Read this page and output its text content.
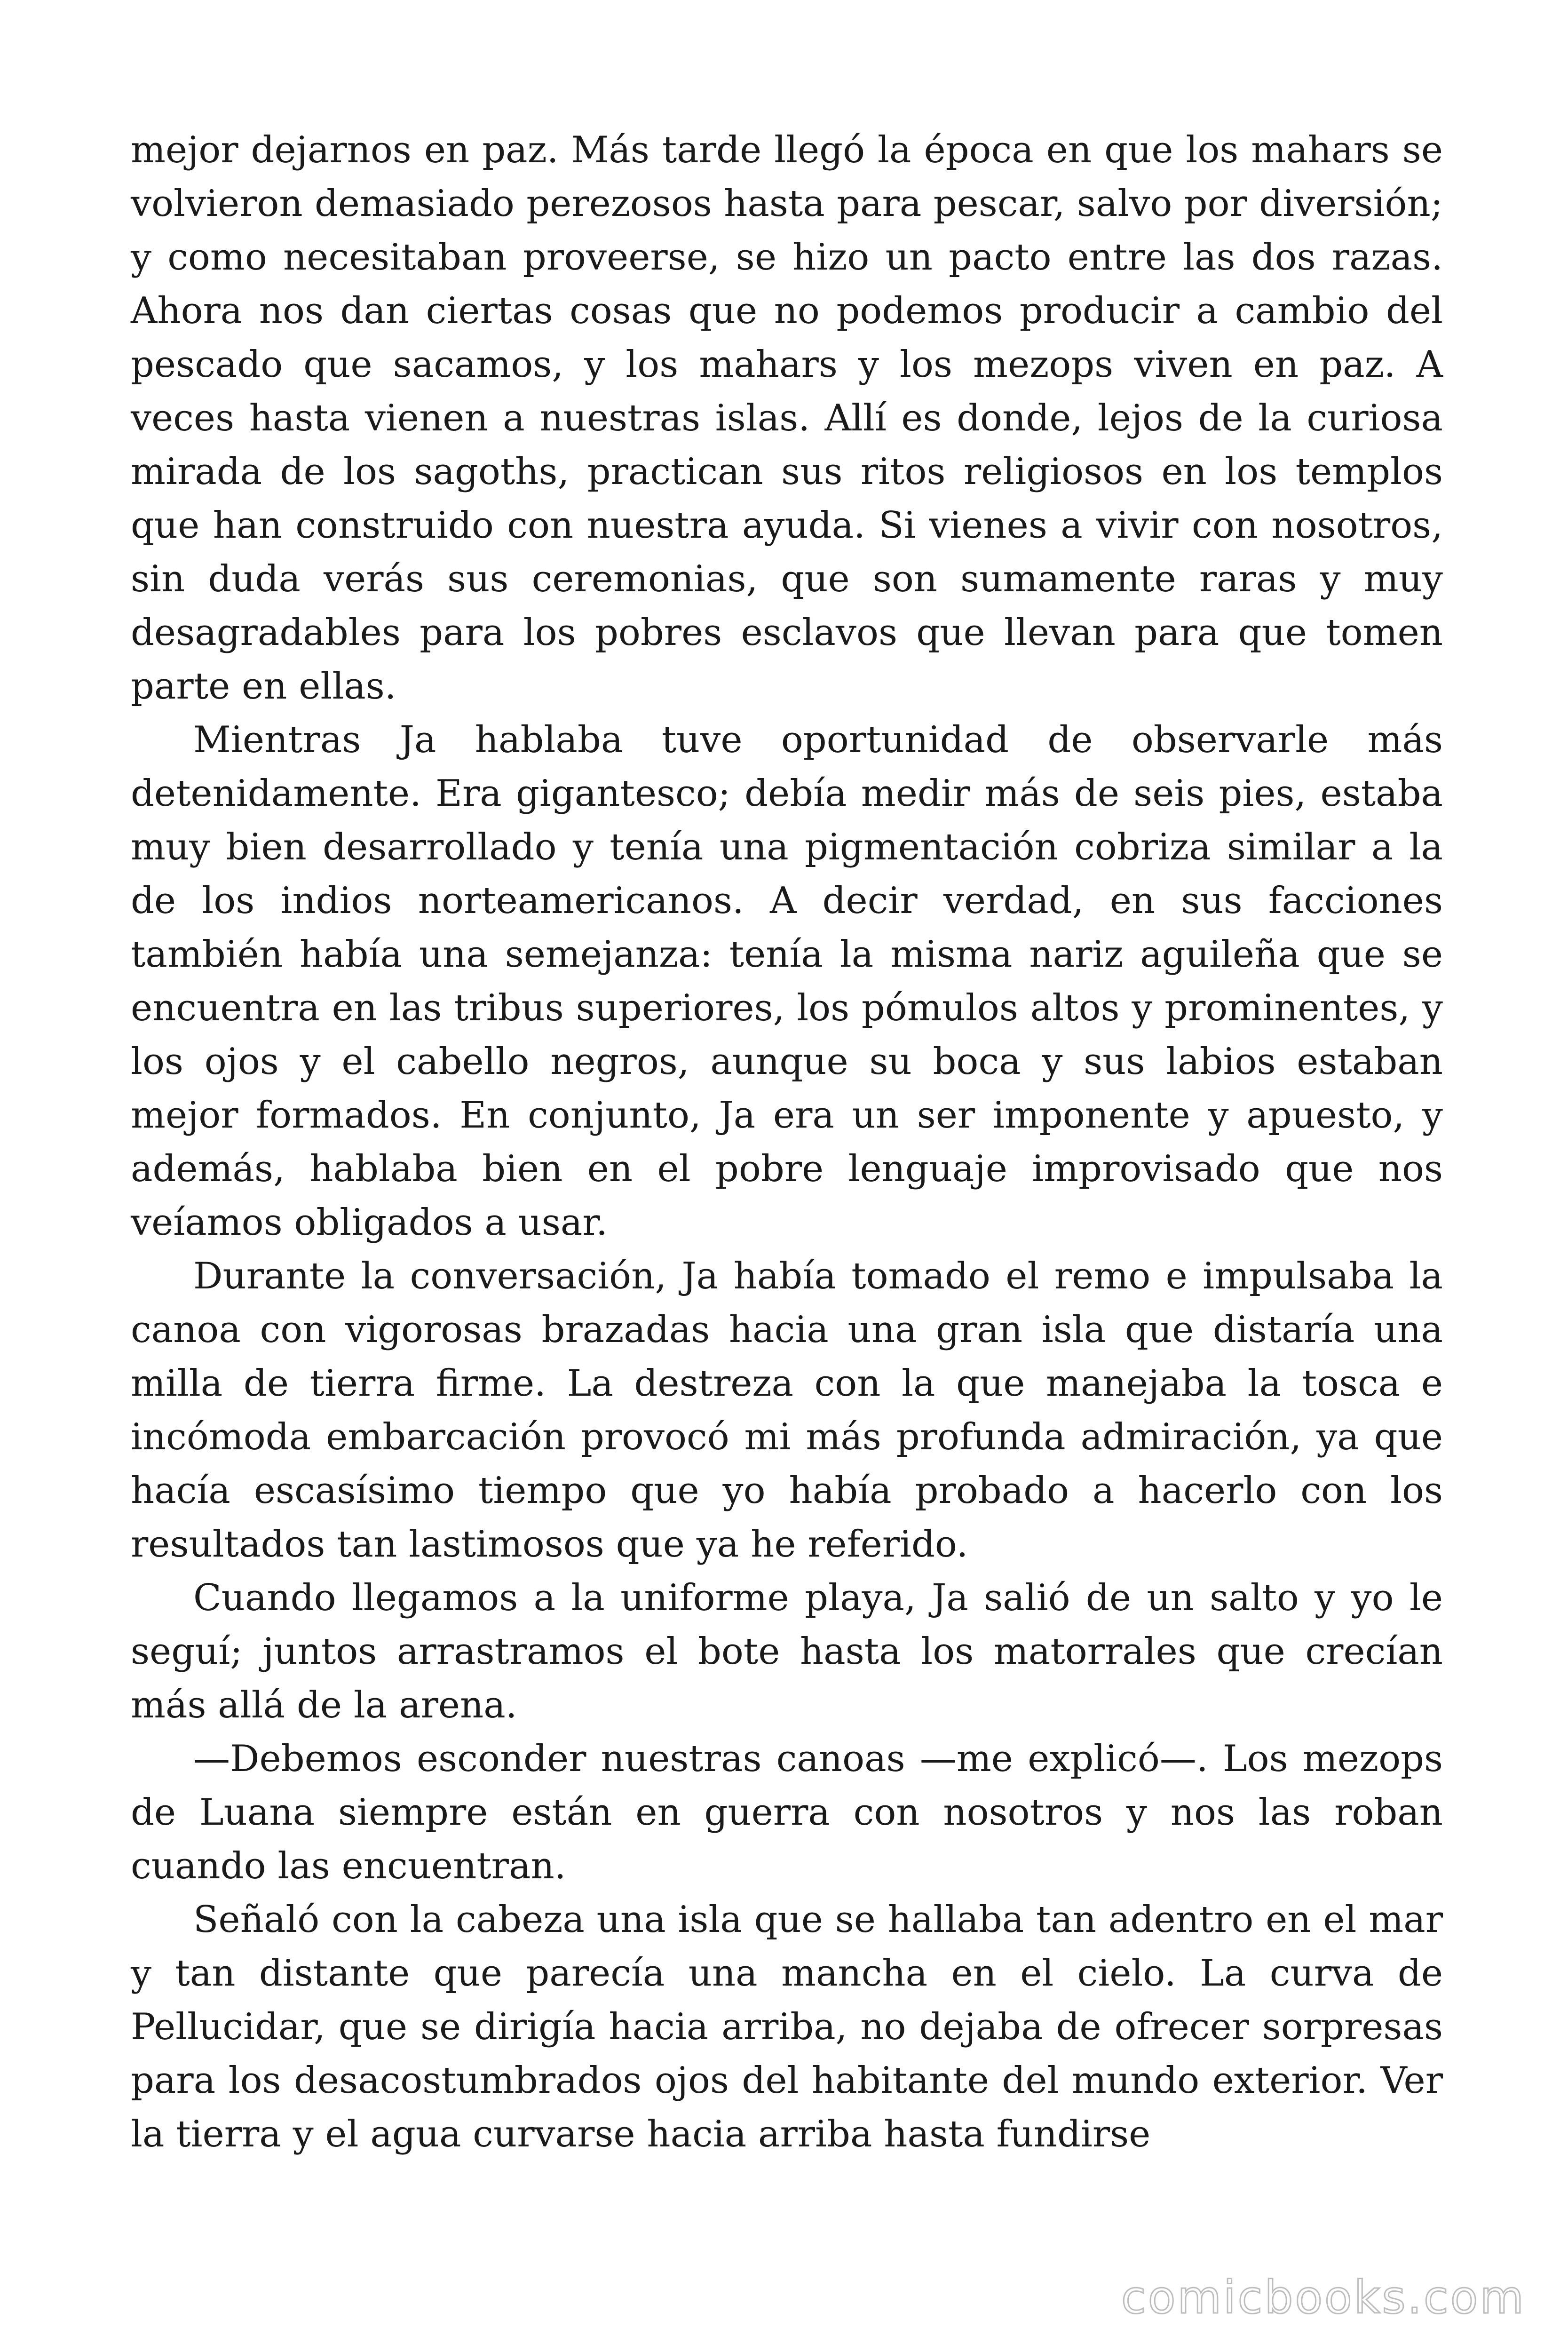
mejor dejarnos en paz. Más tarde llegó la época en que los mahars se volvieron demasiado perezosos hasta para pescar, salvo por diversión; y como necesitaban proveerse, se hizo un pacto entre las dos razas. Ahora nos dan ciertas cosas que no podemos producir a cambio del pescado que sacamos, y los mahars y los mezops viven en paz. A veces hasta vienen a nuestras islas. Allí es donde, lejos de la curiosa mirada de los sagoths, practican sus ritos religiosos en los templos que han construido con nuestra ayuda. Si vienes a vivir con nosotros, sin duda verás sus ceremonias, que son sumamente raras y muy desagradables para los pobres esclavos que llevan para que tomen parte en ellas.

Mientras Ja hablaba tuve oportunidad de observarle más detenidamente. Era gigantesco; debía medir más de seis pies, estaba muy bien desarrollado y tenía una pigmentación cobriza similar a la de los indios norteamericanos. A decir verdad, en sus facciones también había una semejanza: tenía la misma nariz aguileña que se encuentra en las tribus superiores, los pómulos altos y prominentes, y los ojos y el cabello negros, aunque su boca y sus labios estaban mejor formados. En conjunto, Ja era un ser imponente y apuesto, y además, hablaba bien en el pobre lenguaje improvisado que nos veíamos obligados a usar.

Durante la conversación, Ja había tomado el remo e impulsaba la canoa con vigorosas brazadas hacia una gran isla que distaría una milla de tierra firme. La destreza con la que manejaba la tosca e incómoda embarcación provocó mi más profunda admiración, ya que hacía escasísimo tiempo que yo había probado a hacerlo con los resultados tan lastimosos que ya he referido.

Cuando llegamos a la uniforme playa, Ja salió de un salto y yo le seguí; juntos arrastramos el bote hasta los matorrales que crecían más allá de la arena.

—Debemos esconder nuestras canoas —me explicó—. Los mezops de Luana siempre están en guerra con nosotros y nos las roban cuando las encuentran.

Señaló con la cabeza una isla que se hallaba tan adentro en el mar y tan distante que parecía una mancha en el cielo. La curva de Pellucidar, que se dirigía hacia arriba, no dejaba de ofrecer sorpresas para los desacostumbrados ojos del habitante del mundo exterior. Ver la tierra y el agua curvarse hacia arriba hasta fundirse

comicbooks.com
